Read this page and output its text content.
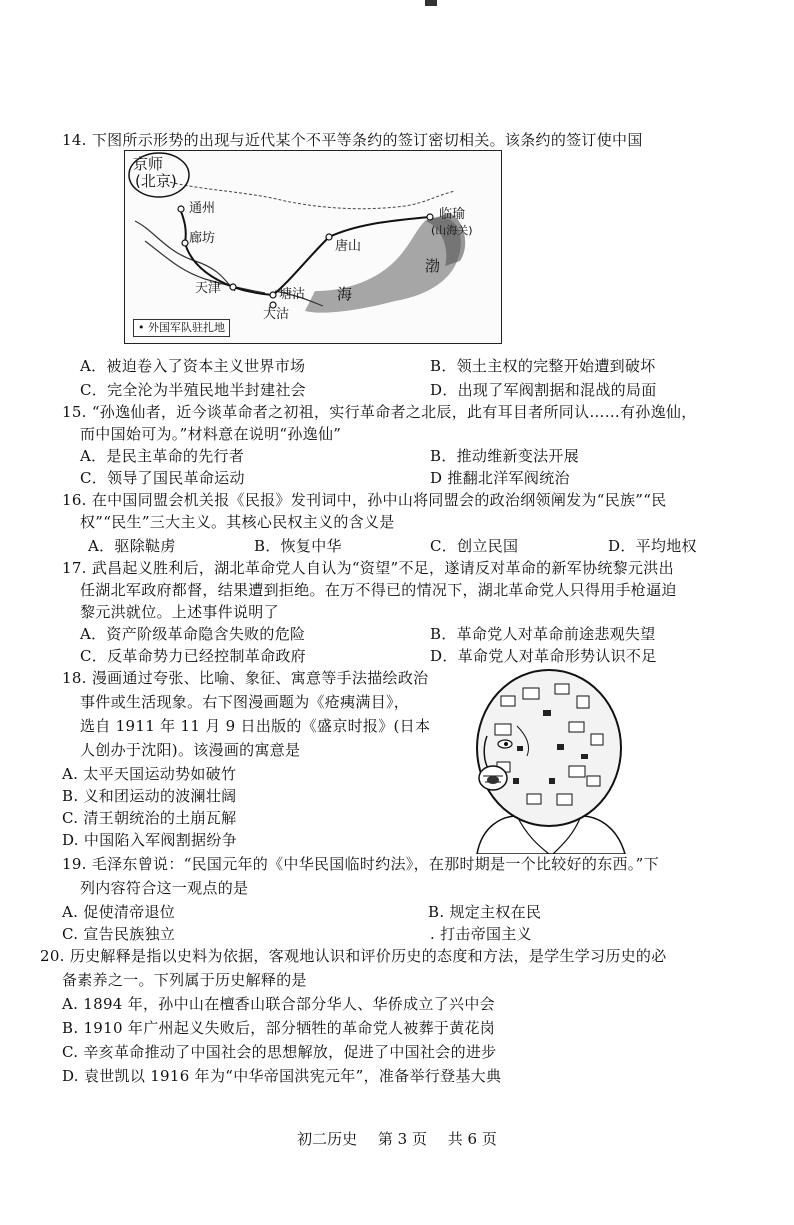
14. 下图所示形势的出现与近代某个不平等条约的签订密切相关。该条约的签订使中国
京师
(北京)
通州
廊坊
唐山
天津	塘沽
大沽
临瑜
(山海关)
渤
海
• 外国军队驻扎地
A．被迫卷入了资本主义世界市场	B．领土主权的完整开始遭到破坏
C．完全沦为半殖民地半封建社会	D．出现了军阀割据和混战的局面
15. “孙逸仙者，近今谈革命者之初祖，实行革命者之北辰，此有耳目者所同认……有孙逸仙，
而中国始可为。”材料意在说明“孙逸仙”
A．是民主革命的先行者	B．推动维新变法开展
C．领导了国民革命运动	D 推翻北洋军阀统治
16. 在中国同盟会机关报《民报》发刊词中，孙中山将同盟会的政治纲领阐发为“民族”“民
权”“民生”三大主义。其核心民权主义的含义是
A．驱除鞑虏	B．恢复中华	C．创立民国	D．平均地权
17. 武昌起义胜利后，湖北革命党人自认为“资望”不足，遂请反对革命的新军协统黎元洪出
任湖北军政府都督，结果遭到拒绝。在万不得已的情况下，湖北革命党人只得用手枪逼迫
黎元洪就位。上述事件说明了
A．资产阶级革命隐含失败的危险	B．革命党人对革命前途悲观失望
C．反革命势力已经控制革命政府	D．革命党人对革命形势认识不足
18. 漫画通过夸张、比喻、象征、寓意等手法描绘政治
事件或生活现象。右下图漫画题为《疮痍满目》，
选自 1911 年 11 月 9 日出版的《盛京时报》(日本
人创办于沈阳)。该漫画的寓意是
A. 太平天国运动势如破竹
B. 义和团运动的波澜壮阔
C. 清王朝统治的土崩瓦解
D. 中国陷入军阀割据纷争
19. 毛泽东曾说：“民国元年的《中华民国临时约法》，在那时期是一个比较好的东西。”下
列内容符合这一观点的是
A. 促使清帝退位	B. 规定主权在民
C. 宣告民族独立	. 打击帝国主义
20. 历史解释是指以史料为依据，客观地认识和评价历史的态度和方法，是学生学习历史的必
备素养之一。下列属于历史解释的是
A. 1894 年，孙中山在檀香山联合部分华人、华侨成立了兴中会
B. 1910 年广州起义失败后，部分牺牲的革命党人被葬于黄花岗
C. 辛亥革命推动了中国社会的思想解放，促进了中国社会的进步
D. 袁世凯以 1916 年为“中华帝国洪宪元年”，准备举行登基大典
初二历史 第 3 页 共 6 页
